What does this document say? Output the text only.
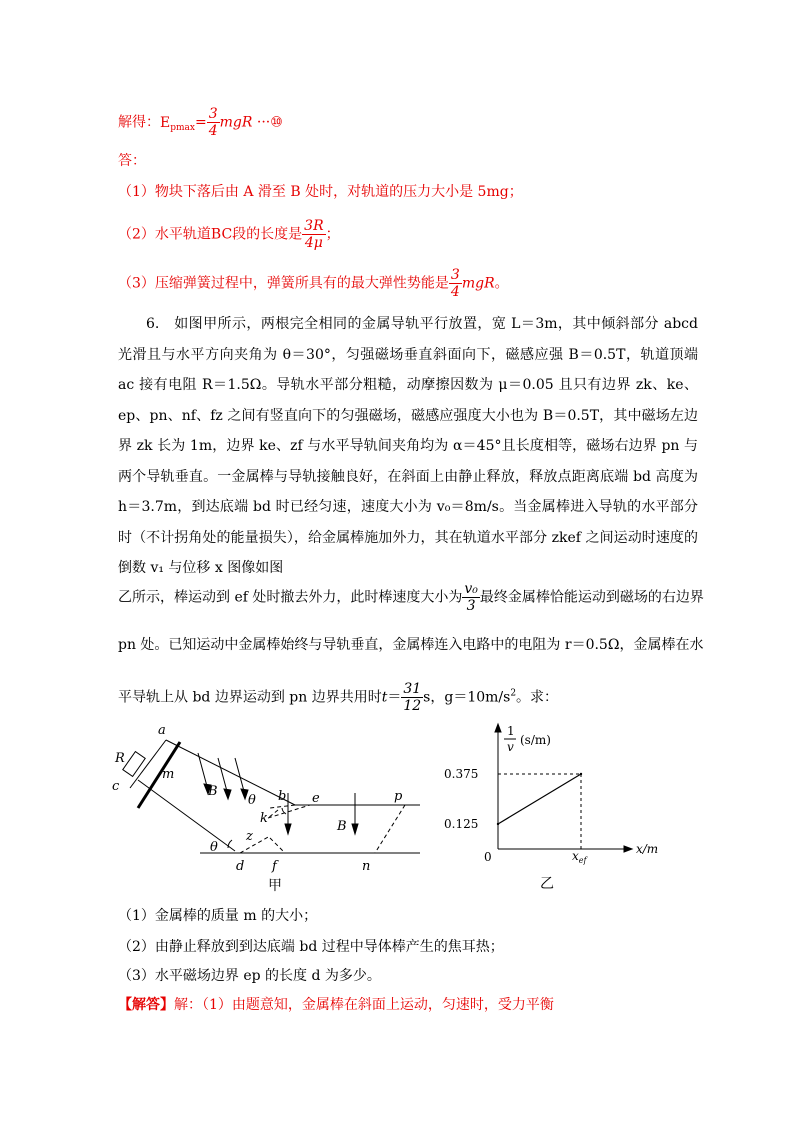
解得：$E_{pmax}= \frac{3}{4}$ mgR ···⑩
答：
（1）物块下落后由 A 滑至 B 处时，对轨道的压力大小是 5mg；
（2）水平轨道BC段的长度是 $\frac{3R}{4\mu}$ ；
（3）压缩弹簧过程中，弹簧所具有的最大弹性势能是 $\frac{3}{4}$ mgR。
6.　如图甲所示，两根完全相同的金属导轨平行放置，宽 L＝3m，其中倾斜部分 abcd 光滑且与水平方向夹角为 θ＝30°，匀强磁场垂直斜面向下，磁感应强 B＝0.5T，轨道顶端 ac 接有电阻 R＝1.5Ω。导轨水平部分粗糙，动摩擦因数为 μ＝0.05 且只有边界 zk、ke、ep、pn、nf、fz 之间有竖直向下的匀强磁场，磁感应强度大小也为 B＝0.5T，其中磁场左边界 zk 长为 1m，边界 ke、zf 与水平导轨间夹角均为 α＝45°且长度相等，磁场右边界 pn 与两个导轨垂直。一金属棒与导轨接触良好，在斜面上由静止释放，释放点距离底端 bd 高度为 h＝3.7m，到达底端 bd 时已经匀速，速度大小为 v₀＝8m/s。当金属棒进入导轨的水平部分时（不计拐角处的能量损失），给金属棒施加外力，其在轨道水平部分 zkef 之间运动时速度的倒数 v₁ 与位移 x 图像如图
乙所示，棒运动到 ef 处时撤去外力，此时棒速度大小为 $\frac{\text{v₀}}{3}$ 最终金属棒恰能运动到磁场的右边界
pn 处。已知运动中金属棒始终与导轨垂直，金属棒连入电路中的电阻为 r＝0.5Ω，金属棒在水
平导轨上从 bd 边界运动到 pn 边界共用时$t= \frac{31}{12}$ s，$g=10m/s^2$。求：
a
R
c
m
B
θ b e	p
k
B
z
θ
d f	n
甲
0.375
0.125
1
v (s/m)
x/m
0	$x_{ef}$
乙
（1）金属棒的质量 m 的大小；
（2）由静止释放到到达底端 bd 过程中导体棒产生的焦耳热；
（3）水平磁场边界 ep 的长度 d 为多少。
【解答】解：（1）由题意知，金属棒在斜面上运动，匀速时，受力平衡
